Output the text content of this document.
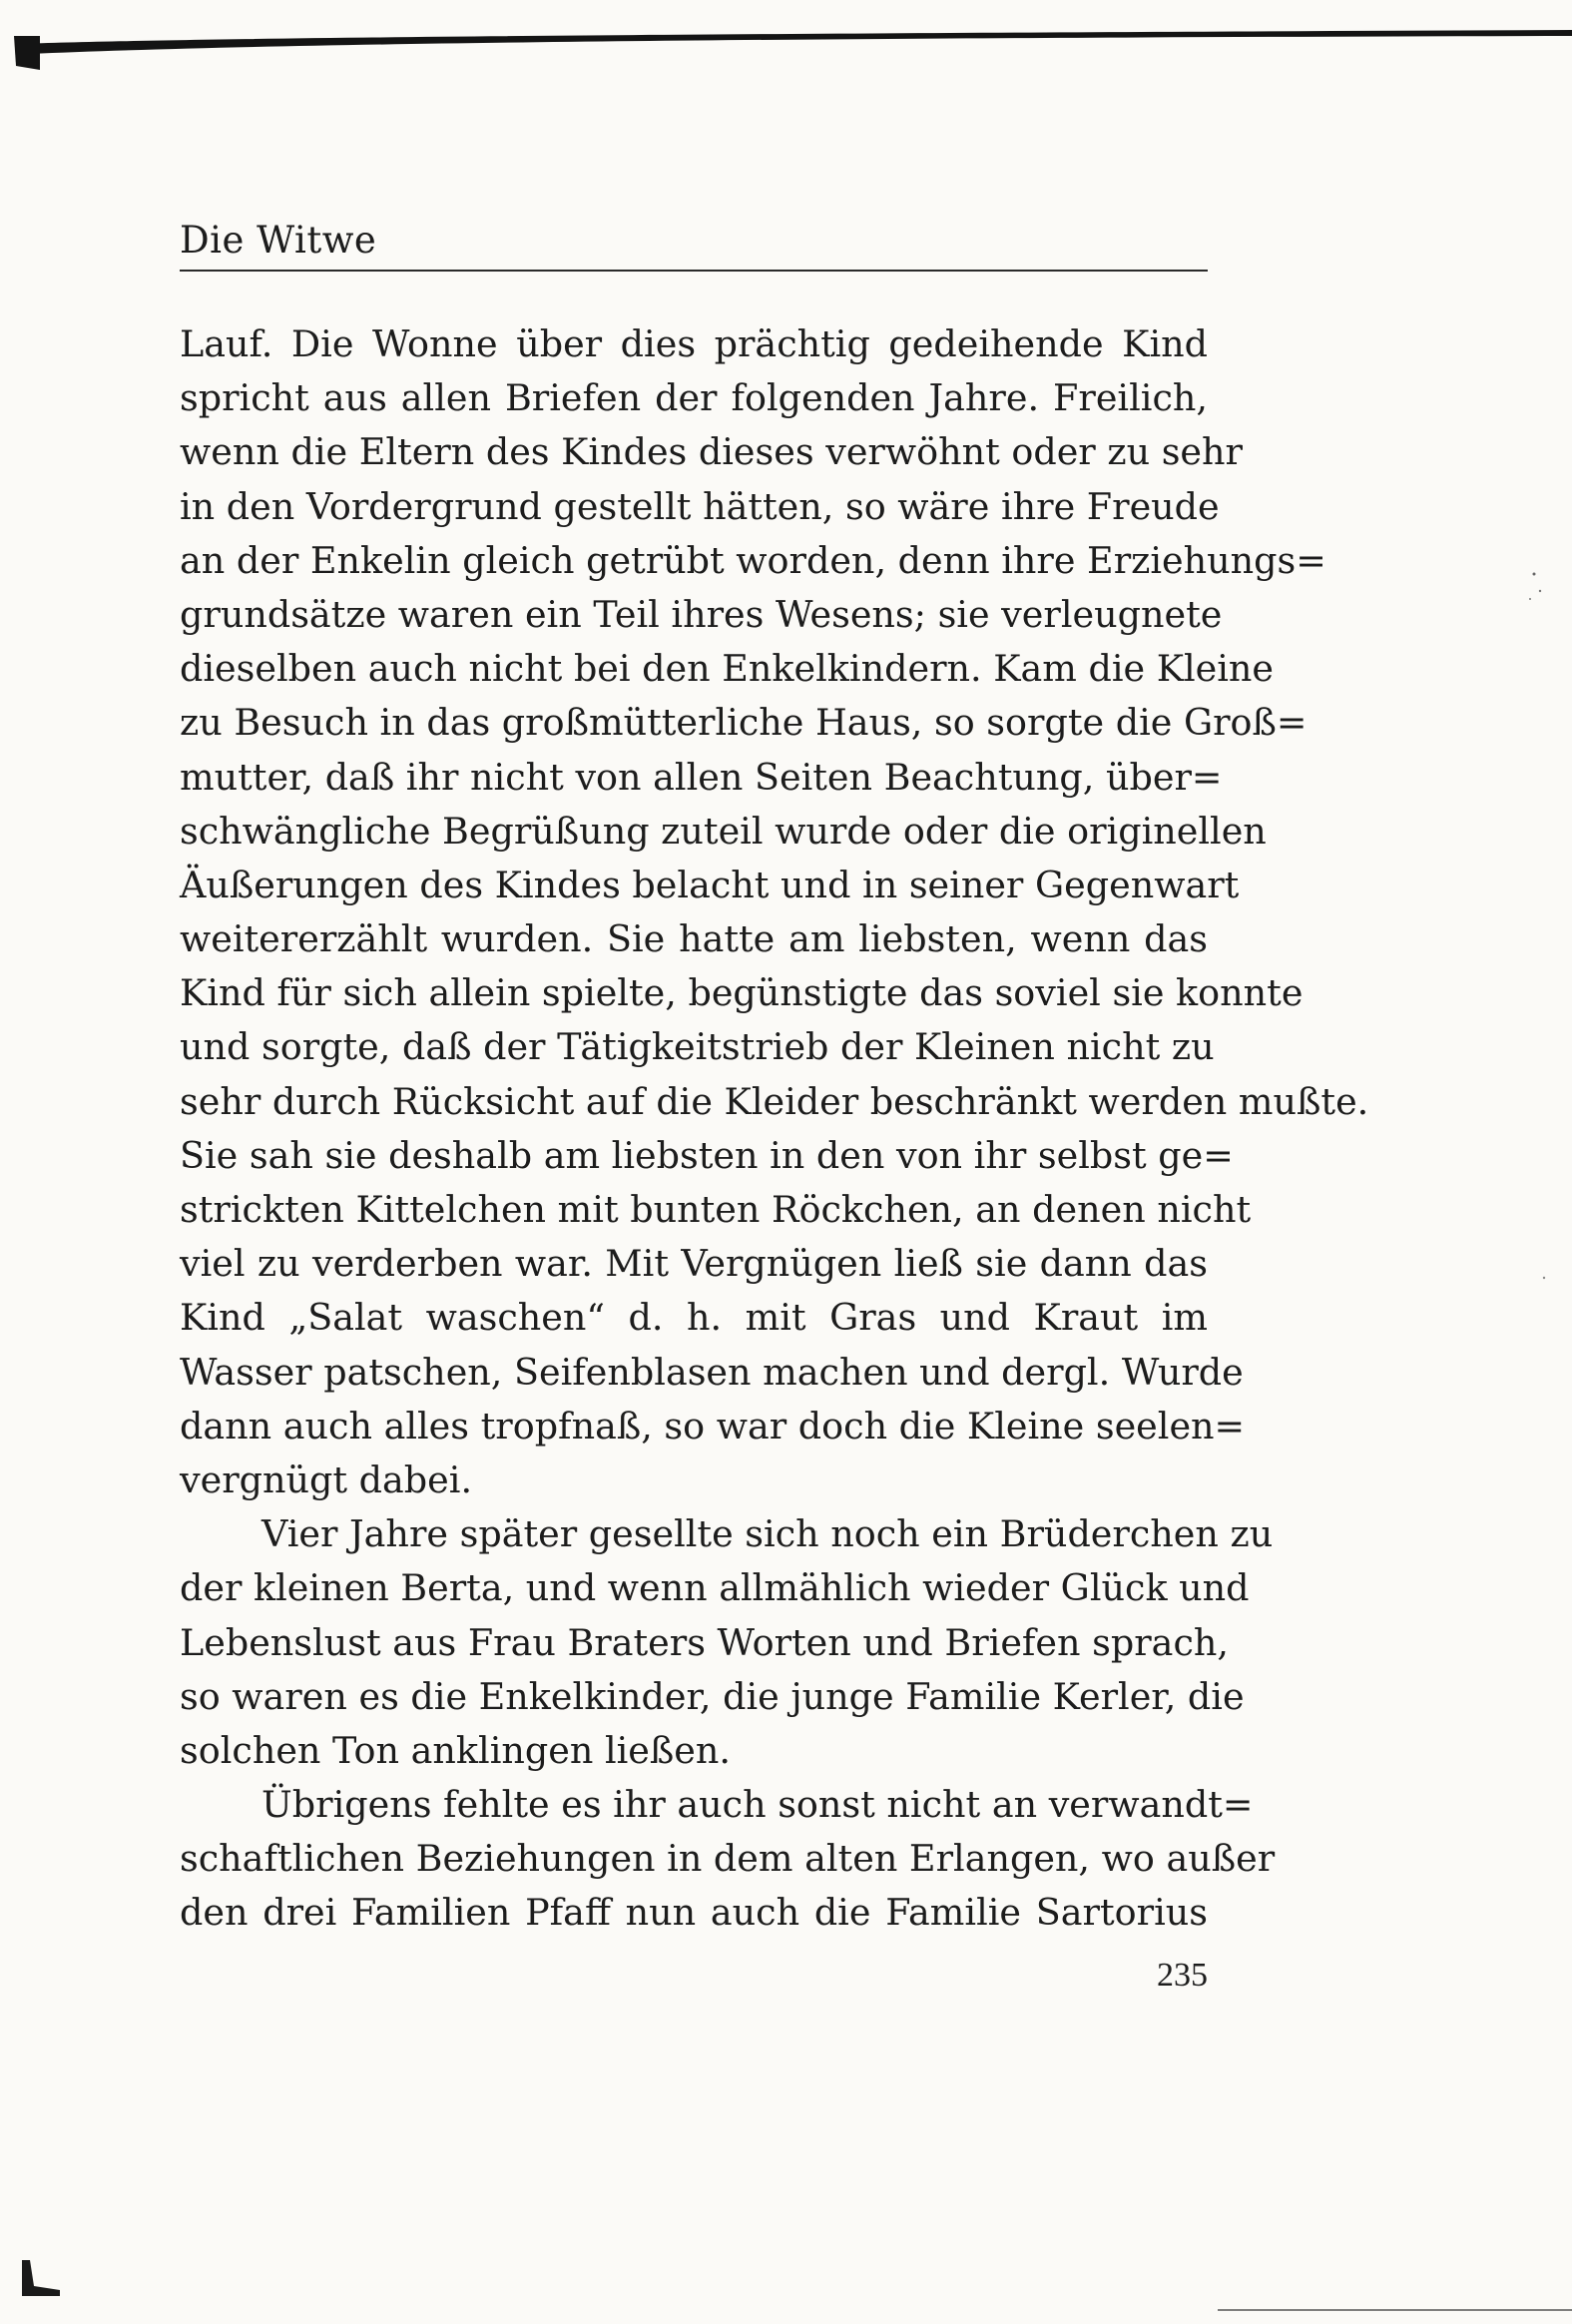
Die Witwe
Lauf. Die Wonne über dies prächtig gedeihende Kind
spricht aus allen Briefen der folgenden Jahre. Freilich,
wenn die Eltern des Kindes dieses verwöhnt oder zu sehr
in den Vordergrund gestellt hätten, so wäre ihre Freude
an der Enkelin gleich getrübt worden, denn ihre Erziehungs=
grundsätze waren ein Teil ihres Wesens; sie verleugnete
dieselben auch nicht bei den Enkelkindern. Kam die Kleine
zu Besuch in das großmütterliche Haus, so sorgte die Groß=
mutter, daß ihr nicht von allen Seiten Beachtung, über=
schwängliche Begrüßung zuteil wurde oder die originellen
Äußerungen des Kindes belacht und in seiner Gegenwart
weitererzählt wurden. Sie hatte am liebsten, wenn das
Kind für sich allein spielte, begünstigte das soviel sie konnte
und sorgte, daß der Tätigkeitstrieb der Kleinen nicht zu
sehr durch Rücksicht auf die Kleider beschränkt werden mußte.
Sie sah sie deshalb am liebsten in den von ihr selbst ge=
strickten Kittelchen mit bunten Röckchen, an denen nicht
viel zu verderben war. Mit Vergnügen ließ sie dann das
Kind „Salat waschen“ d. h. mit Gras und Kraut im
Wasser patschen, Seifenblasen machen und dergl. Wurde
dann auch alles tropfnaß, so war doch die Kleine seelen=
vergnügt dabei.
Vier Jahre später gesellte sich noch ein Brüderchen zu
der kleinen Berta, und wenn allmählich wieder Glück und
Lebenslust aus Frau Braters Worten und Briefen sprach,
so waren es die Enkelkinder, die junge Familie Kerler, die
solchen Ton anklingen ließen.
Übrigens fehlte es ihr auch sonst nicht an verwandt=
schaftlichen Beziehungen in dem alten Erlangen, wo außer
den drei Familien Pfaff nun auch die Familie Sartorius
235
